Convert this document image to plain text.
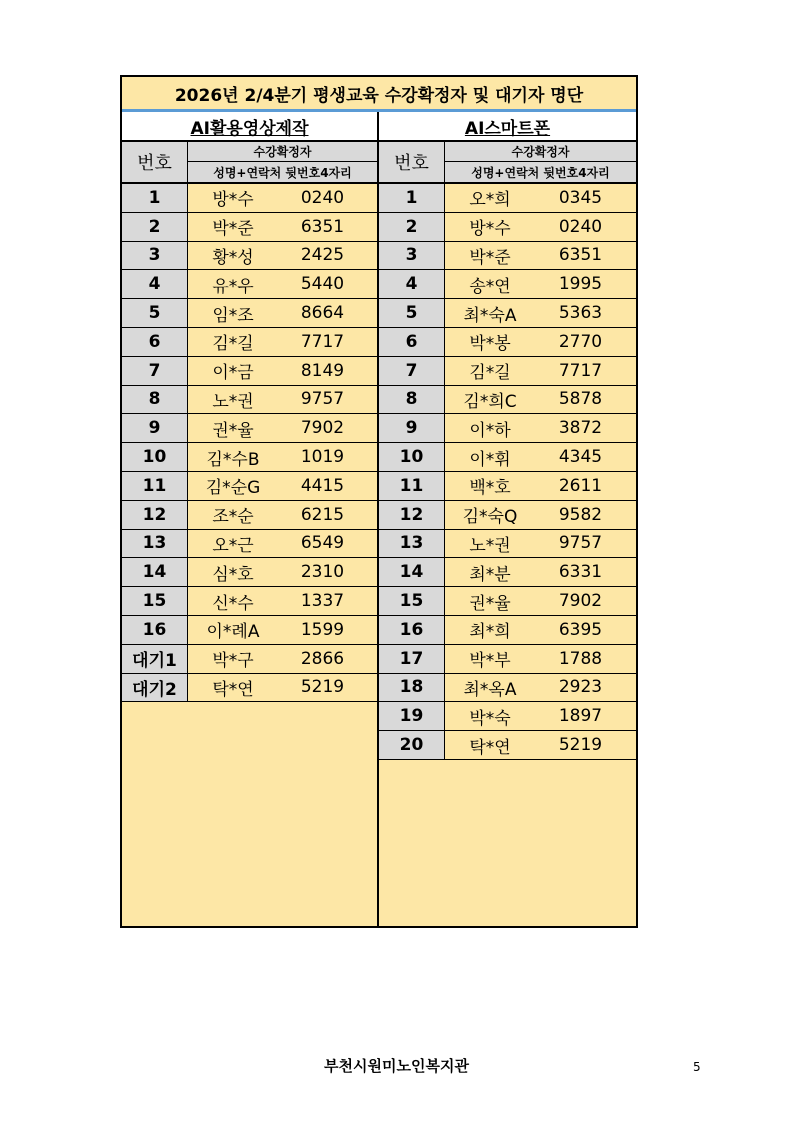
2026년 2/4분기 평생교육 수강확정자 및 대기자 명단
AI활용영상제작
번호
수강확정자
성명+연락처 뒷번호4자리
1	방*수	0240
2	박*준	6351
3	황*성	2425
4	유*우	5440
5	임*조	8664
6	김*길	7717
7	이*금	8149
8	노*권	9757
9	권*율	7902
10	김*수B	1019
11	김*순G	4415
12	조*순	6215
13	오*근	6549
14	심*호	2310
15	신*수	1337
16	이*례A	1599
대기1	박*구	2866
대기2	탁*연	5219
AI스마트폰
번호
수강확정자
성명+연락처 뒷번호4자리
1	오*희	0345
2	방*수	0240
3	박*준	6351
4	송*연	1995
5	최*숙A	5363
6	박*봉	2770
7	김*길	7717
8	김*희C	5878
9	이*하	3872
10	이*휘	4345
11	백*호	2611
12	김*숙Q	9582
13	노*권	9757
14	최*분	6331
15	권*율	7902
16	최*희	6395
17	박*부	1788
18	최*옥A	2923
19	박*숙	1897
20	탁*연	5219
부천시원미노인복지관	5
